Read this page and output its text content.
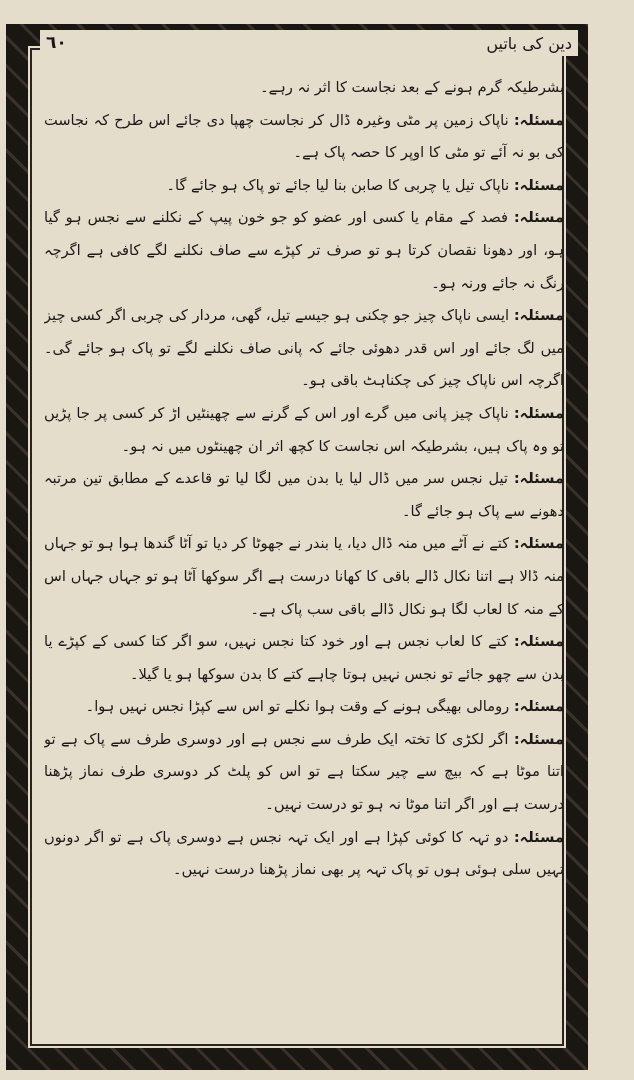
٦٠	دین کی باتیں

بشرطیکہ گرم ہونے کے بعد نجاست کا اثر نہ رہے۔

مسئلہ: ناپاک زمین پر مٹی وغیرہ ڈال کر نجاست چھپا دی جائے اس طرح کہ نجاست کی بو نہ آئے تو مٹی کا اوپر کا حصہ پاک ہے۔

مسئلہ: ناپاک تیل یا چربی کا صابن بنا لیا جائے تو پاک ہو جائے گا۔

مسئلہ: فصد کے مقام یا کسی اور عضو کو جو خون پیپ کے نکلنے سے نجس ہو گیا ہو، اور دھونا نقصان کرتا ہو تو صرف تر کپڑے سے صاف نکلنے لگے کافی ہے اگرچہ رنگ نہ جائے ورنہ ہو۔

مسئلہ: ایسی ناپاک چیز جو چکنی ہو جیسے تیل، گھی، مردار کی چربی اگر کسی چیز میں لگ جائے اور اس قدر دھوئی جائے کہ پانی صاف نکلنے لگے تو پاک ہو جائے گی۔ اگرچہ اس ناپاک چیز کی چکناہٹ باقی ہو۔

مسئلہ: ناپاک چیز پانی میں گرے اور اس کے گرنے سے چھینٹیں اڑ کر کسی پر جا پڑیں تو وہ پاک ہیں، بشرطیکہ اس نجاست کا کچھ اثر ان چھینٹوں میں نہ ہو۔

مسئلہ: تیل نجس سر میں ڈال لیا یا بدن میں لگا لیا تو قاعدے کے مطابق تین مرتبہ دھونے سے پاک ہو جائے گا۔

مسئلہ: کتے نے آٹے میں منہ ڈال دیا، یا بندر نے جھوٹا کر دیا تو آٹا گندھا ہوا ہو تو جہاں منہ ڈالا ہے اتنا نکال ڈالے باقی کا کھانا درست ہے اگر سوکھا آٹا ہو تو جہاں جہاں اس کے منہ کا لعاب لگا ہو نکال ڈالے باقی سب پاک ہے۔

مسئلہ: کتے کا لعاب نجس ہے اور خود کتا نجس نہیں، سو اگر کتا کسی کے کپڑے یا بدن سے چھو جائے تو نجس نہیں ہوتا چاہے کتے کا بدن سوکھا ہو یا گیلا۔

مسئلہ: رومالی بھیگی ہونے کے وقت ہوا نکلے تو اس سے کپڑا نجس نہیں ہوا۔

مسئلہ: اگر لکڑی کا تختہ ایک طرف سے نجس ہے اور دوسری طرف سے پاک ہے تو اتنا موٹا ہے کہ بیچ سے چیر سکتا ہے تو اس کو پلٹ کر دوسری طرف نماز پڑھنا درست ہے اور اگر اتنا موٹا نہ ہو تو درست نہیں۔

مسئلہ: دو تہہ کا کوئی کپڑا ہے اور ایک تہہ نجس ہے دوسری پاک ہے تو اگر دونوں تہیں سلی ہوئی ہوں تو پاک تہہ پر بھی نماز پڑھنا درست نہیں۔
